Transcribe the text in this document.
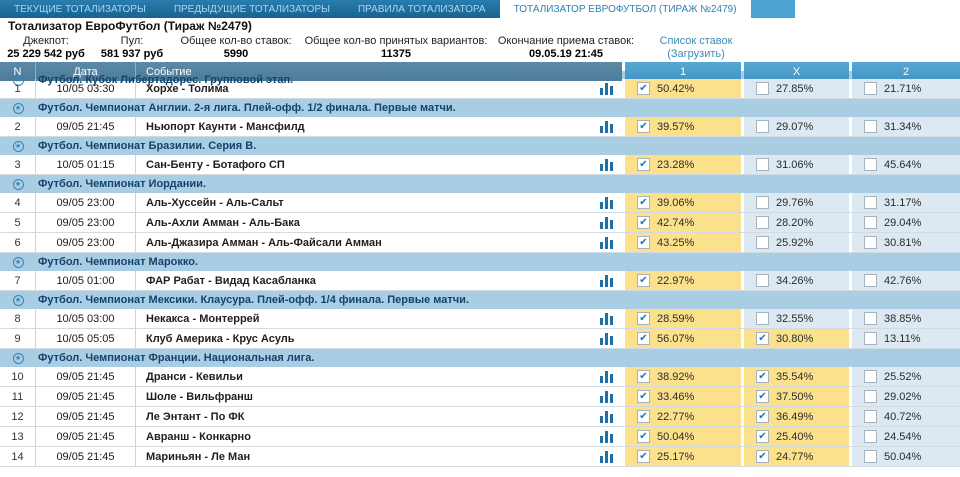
ТЕКУЩИЕ ТОТАЛИЗАТОРЫ	ПРЕДЫДУЩИЕ ТОТАЛИЗАТОРЫ	ПРАВИЛА ТОТАЛИЗАТОРА	ТОТАЛИЗАТОР ЕВРОФУТБОЛ (ТИРАЖ №2479)
Тотализатор ЕвроФутбол (Тираж №2479)
Джекпот:
25 229 542 руб
Пул:
581 937 руб
Общее кол-во ставок:
5990
Общее кол-во принятых вариантов:
11375
Окончание приема ставок:
09.05.19 21:45
Список ставок
(Загрузить)
N	Дата	Событие	1	X	2
★ Футбол. Кубок Либертадорес. Групповой этап.
1	10/05 03:30	Хорхе - Толима	✔ 50.42%	27.85%	21.71%
★ Футбол. Чемпионат Англии. 2-я лига. Плей-офф. 1/2 финала. Первые матчи.
2	09/05 21:45	Ньюпорт Каунти - Мансфилд	✔ 39.57%	29.07%	31.34%
★ Футбол. Чемпионат Бразилии. Серия B.
3	10/05 01:15	Сан-Бенту - Ботафого СП	✔ 23.28%	31.06%	45.64%
★ Футбол. Чемпионат Иордании.
4	09/05 23:00	Аль-Хуссейн - Аль-Сальт	✔ 39.06%	29.76%	31.17%
5	09/05 23:00	Аль-Ахли Амман - Аль-Бака	✔ 42.74%	28.20%	29.04%
6	09/05 23:00	Аль-Джазира Амман - Аль-Файсали Амман	✔ 43.25%	25.92%	30.81%
★ Футбол. Чемпионат Марокко.
7	10/05 01:00	ФАР Рабат - Видад Касабланка	✔ 22.97%	34.26%	42.76%
★ Футбол. Чемпионат Мексики. Клаусура. Плей-офф. 1/4 финала. Первые матчи.
8	10/05 03:00	Некакса - Монтеррей	✔ 28.59%	32.55%	38.85%
9	10/05 05:05	Клуб Америка - Крус Асуль	✔ 56.07%	✔ 30.80%	13.11%
★ Футбол. Чемпионат Франции. Национальная лига.
10	09/05 21:45	Дранси - Кевильи	✔ 38.92%	✔ 35.54%	25.52%
11	09/05 21:45	Шоле - Вильфранш	✔ 33.46%	✔ 37.50%	29.02%
12	09/05 21:45	Ле Энтант - По ФК	✔ 22.77%	✔ 36.49%	40.72%
13	09/05 21:45	Авранш - Конкарно	✔ 50.04%	✔ 25.40%	24.54%
14	09/05 21:45	Мариньян - Ле Ман	✔ 25.17%	✔ 24.77%	50.04%
